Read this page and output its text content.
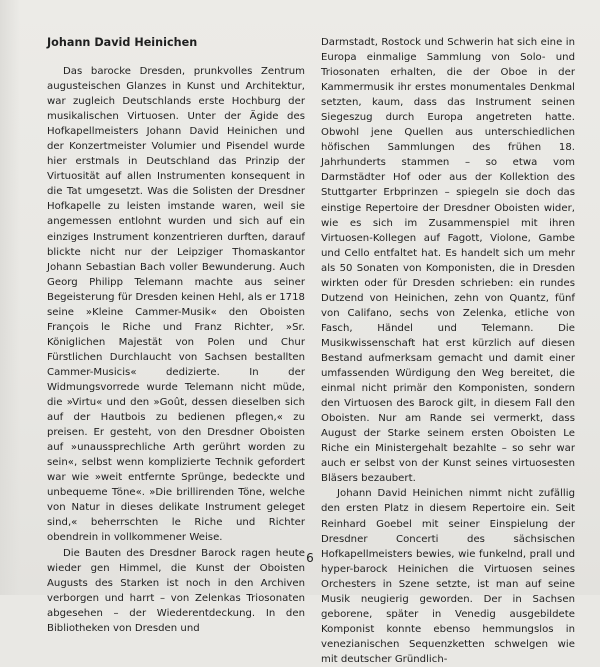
Johann David Heinichen

Das barocke Dresden, prunkvolles Zentrum augusteischen Glanzes in Kunst und Architektur, war zugleich Deutschlands erste Hochburg der musikalischen Virtuosen. Unter der Ägide des Hofkapellmeisters Johann David Heinichen und der Konzertmeister Volumier und Pisendel wurde hier erstmals in Deutschland das Prinzip der Virtuosität auf allen Instrumenten konsequent in die Tat umgesetzt. Was die Solisten der Dresdner Hofkapelle zu leisten imstande waren, weil sie angemessen entlohnt wurden und sich auf ein einziges Instrument konzentrieren durften, darauf blickte nicht nur der Leipziger Thomaskantor Johann Sebastian Bach voller Bewunderung. Auch Georg Philipp Telemann machte aus seiner Begeisterung für Dresden keinen Hehl, als er 1718 seine »Kleine Cammer-Musik« den Oboisten François le Riche und Franz Richter, »Sr. Königlichen Majestät von Polen und Chur Fürstlichen Durchlaucht von Sachsen bestallten Cammer-Musicis« dedizierte. In der Widmungsvorrede wurde Telemann nicht müde, die »Virtu« und den »Goût, dessen dieselben sich auf der Hautbois zu bedienen pflegen,« zu preisen. Er gesteht, von den Dresdner Oboisten auf »unaussprechliche Arth gerührt worden zu sein«, selbst wenn komplizierte Technik gefordert war wie »weit entfernte Sprünge, bedeckte und unbequeme Töne«. »Die brillirenden Töne, welche von Natur in dieses delikate Instrument geleget sind,« beherrschten le Riche und Richter obendrein in vollkommener Weise.

Die Bauten des Dresdner Barock ragen heute wieder gen Himmel, die Kunst der Oboisten Augusts des Starken ist noch in den Archiven verborgen und harrt – von Zelenkas Triosonaten abgesehen – der Wiederentdeckung. In den Bibliotheken von Dresden und

Darmstadt, Rostock und Schwerin hat sich eine in Europa einmalige Sammlung von Solo- und Triosonaten erhalten, die der Oboe in der Kammermusik ihr erstes monumentales Denkmal setzten, kaum, dass das Instrument seinen Siegeszug durch Europa angetreten hatte. Obwohl jene Quellen aus unterschiedlichen höfischen Sammlungen des frühen 18. Jahrhunderts stammen – so etwa vom Darmstädter Hof oder aus der Kollektion des Stuttgarter Erbprinzen – spiegeln sie doch das einstige Repertoire der Dresdner Oboisten wider, wie es sich im Zusammenspiel mit ihren Virtuosen-Kollegen auf Fagott, Violone, Gambe und Cello entfaltet hat. Es handelt sich um mehr als 50 Sonaten von Komponisten, die in Dresden wirkten oder für Dresden schrieben: ein rundes Dutzend von Heinichen, zehn von Quantz, fünf von Califano, sechs von Zelenka, etliche von Fasch, Händel und Telemann. Die Musikwissenschaft hat erst kürzlich auf diesen Bestand aufmerksam gemacht und damit einer umfassenden Würdigung den Weg bereitet, die einmal nicht primär den Komponisten, sondern den Virtuosen des Barock gilt, in diesem Fall den Oboisten. Nur am Rande sei vermerkt, dass August der Starke seinem ersten Oboisten Le Riche ein Ministergehalt bezahlte – so sehr war auch er selbst von der Kunst seines virtuosesten Bläsers bezaubert.

Johann David Heinichen nimmt nicht zufällig den ersten Platz in diesem Repertoire ein. Seit Reinhard Goebel mit seiner Einspielung der Dresdner Concerti des sächsischen Hofkapellmeisters bewies, wie funkelnd, prall und hyper-barock Heinichen die Virtuosen seines Orchesters in Szene setzte, ist man auf seine Musik neugierig geworden. Der in Sachsen geborene, später in Venedig ausgebildete Komponist konnte ebenso hemmungslos in venezianischen Sequenzketten schwelgen wie mit deutscher Gründlich-

6
